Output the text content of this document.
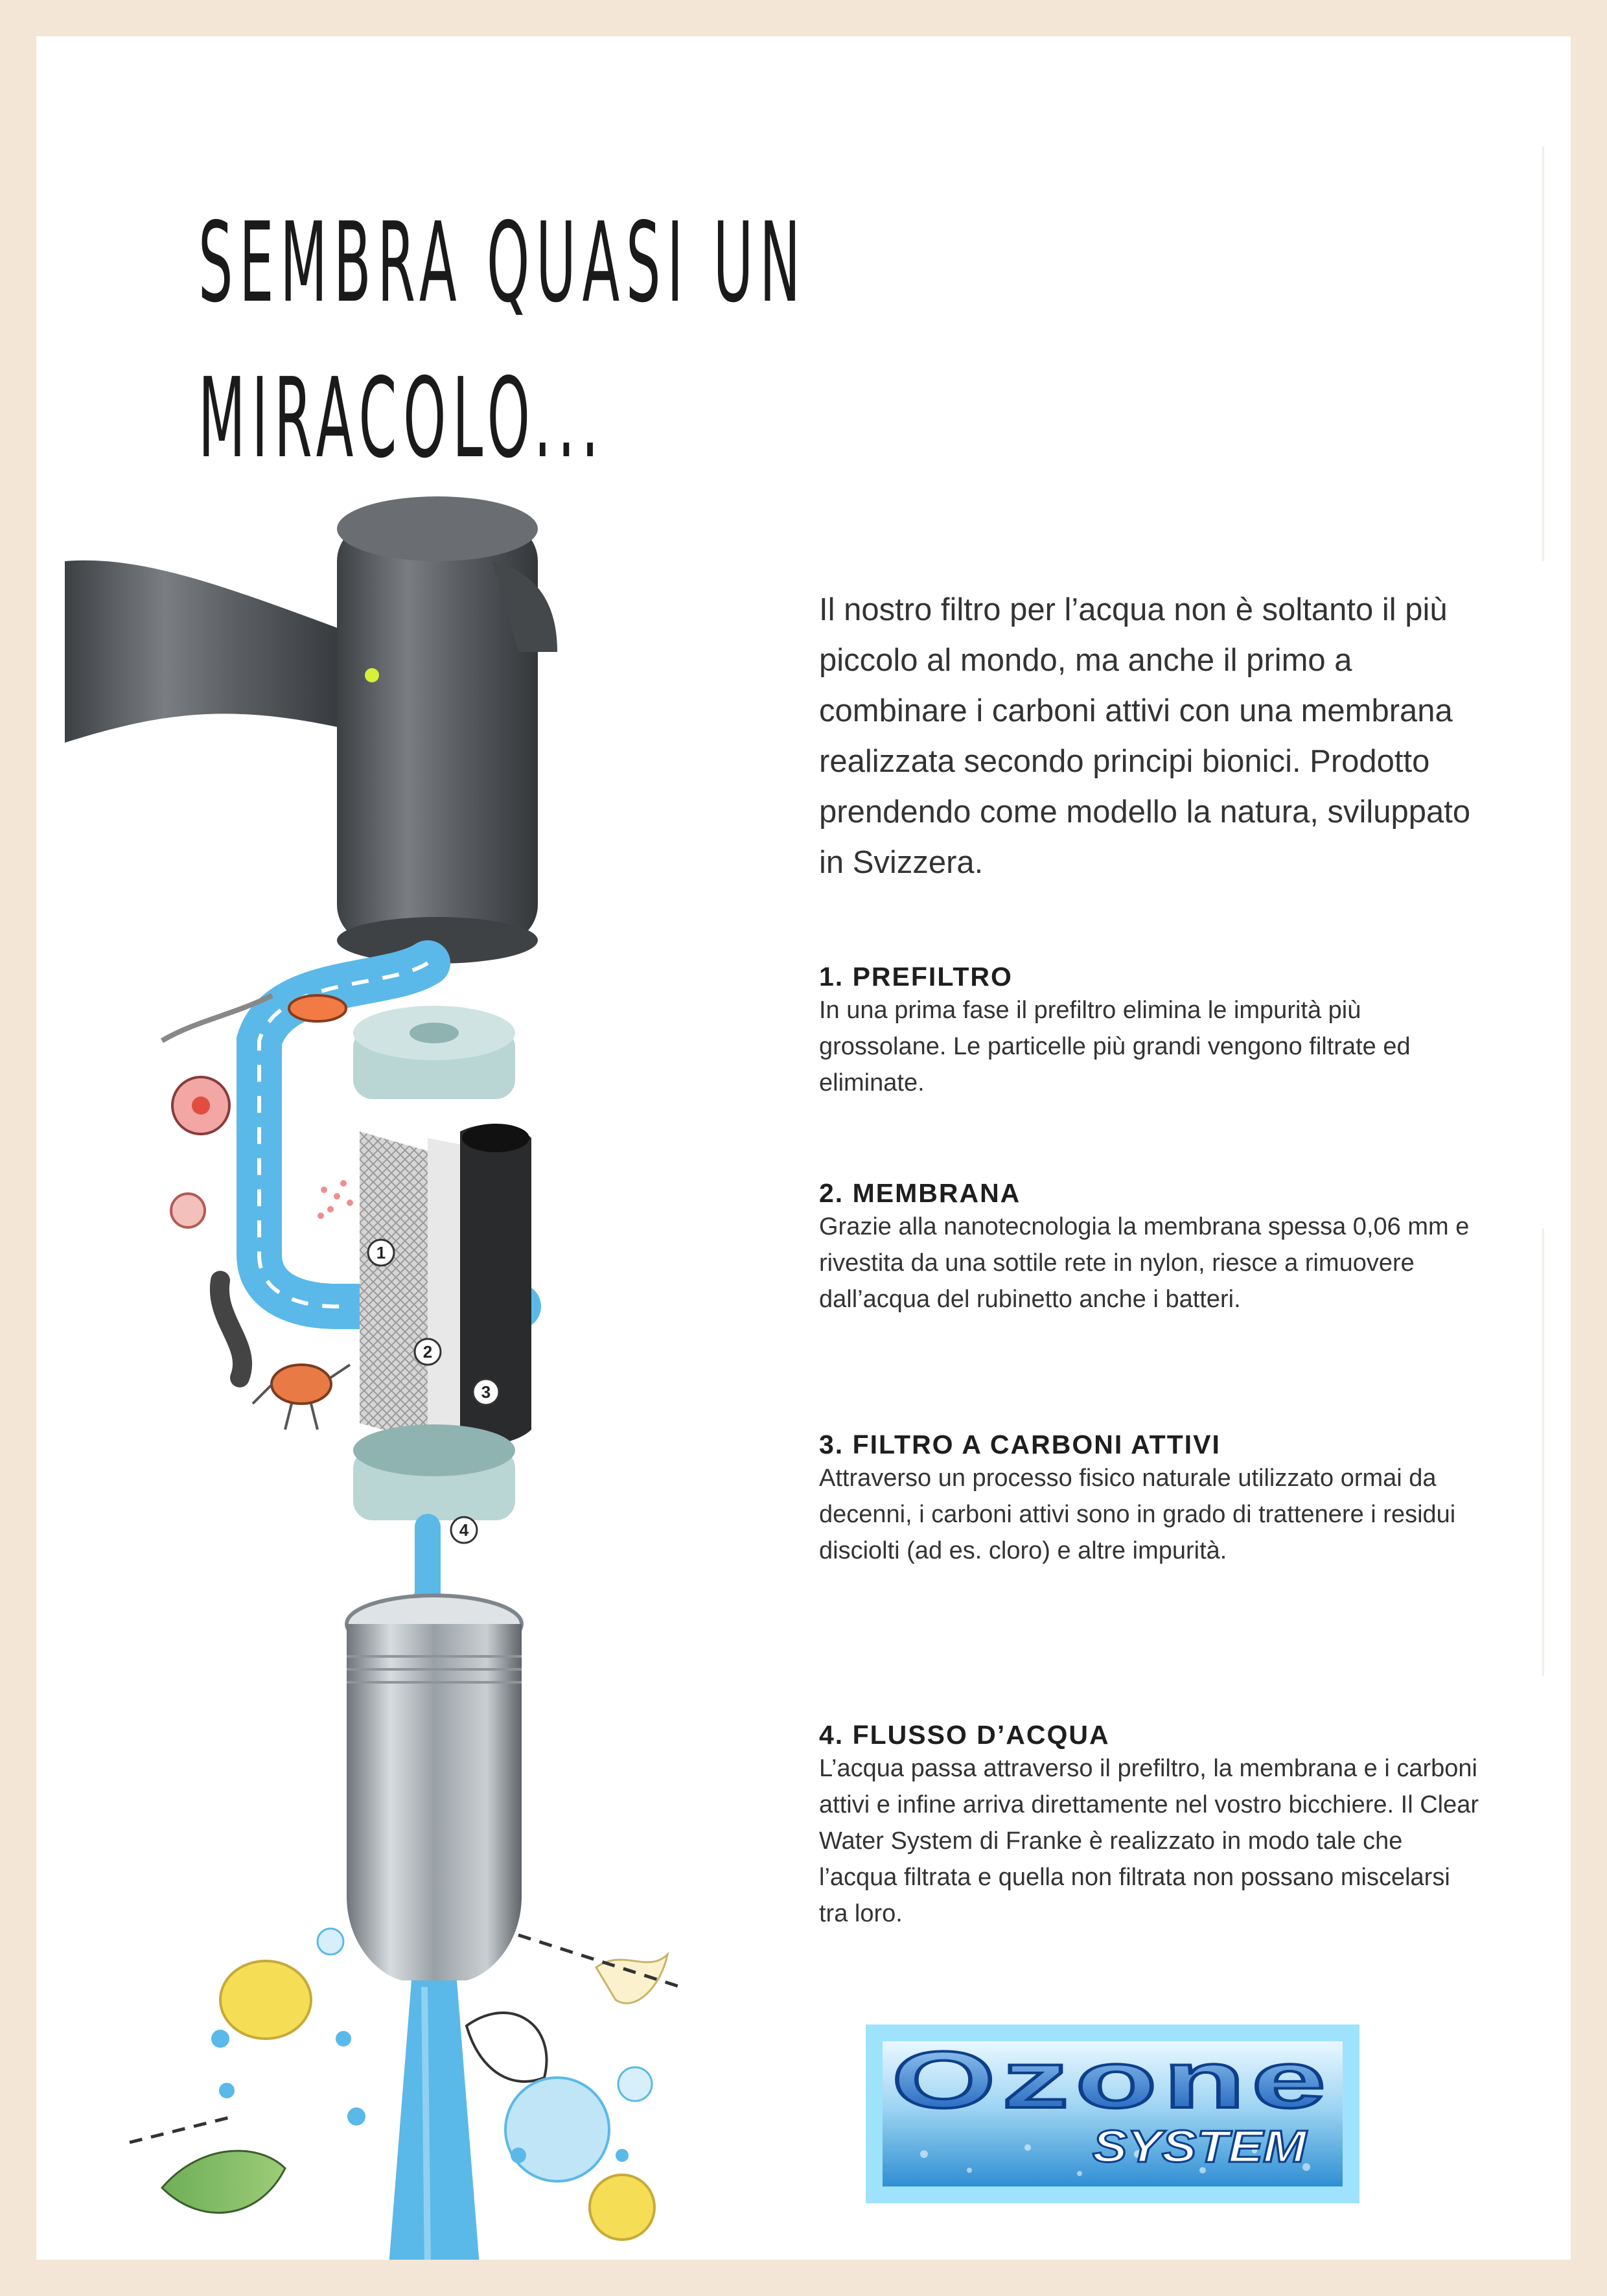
SEMBRA QUASI UN
MIRACOLO...
1
2
3
4

Il nostro filtro per l’acqua non è soltanto il più piccolo al mondo, ma anche il primo a combinare i carboni attivi con una membrana realizzata secondo principi bionici. Prodotto prendendo come modello la natura, sviluppato in Svizzera.

1. PREFILTRO

In una prima fase il prefiltro elimina le impurità più grossolane. Le particelle più grandi vengono filtrate ed eliminate.

2. MEMBRANA

Grazie alla nanotecnologia la membrana spessa 0,06 mm e rivestita da una sottile rete in nylon, riesce a rimuovere dall’acqua del rubinetto anche i batteri.

3. FILTRO A CARBONI ATTIVI

Attraverso un processo fisico naturale utilizzato ormai da decenni, i carboni attivi sono in grado di trattenere i residui disciolti (ad es. cloro) e altre impurità.

4. FLUSSO D’ACQUA

L’acqua passa attraverso il prefiltro, la membrana e i carboni attivi e infine arriva direttamente nel vostro bicchiere. Il Clear Water System di Franke è realizzato in modo tale che l’acqua filtrata e quella non filtrata non possano miscelarsi tra loro.

Ozone
SYSTEM
